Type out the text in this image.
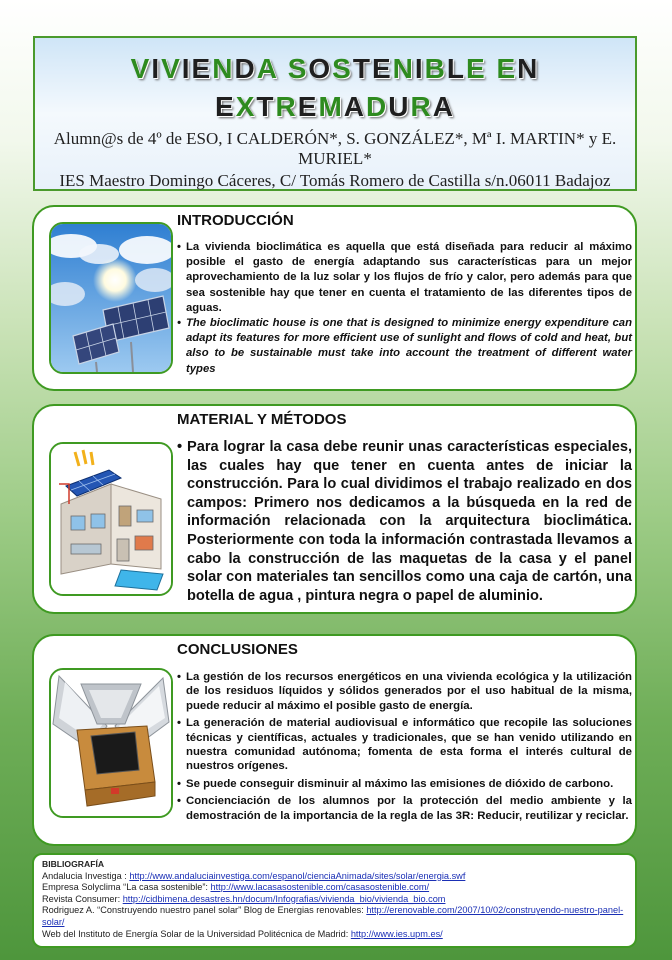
VIVIENDA SOSTENIBLE EN
EXTREMADURA
Alumn@s de 4º de ESO, I CALDERÓN*, S. GONZÁLEZ*, Mª I. MARTIN* y E. MURIEL*
IES Maestro Domingo Cáceres, C/ Tomás Romero de Castilla s/n.06011 Badajoz
INTRODUCCIÓN

• La vivienda bioclimática es aquella que está diseñada para reducir al máximo posible el gasto de energía adaptando sus características para un mejor aprovechamiento de la luz solar y los flujos de frío y calor, pero además para que sea sostenible hay que tener en cuenta el tratamiento de las diferentes tipos de aguas.

• The bioclimatic house is one that is designed to minimize energy expenditure can adapt its features for more efficient use of sunlight and flows of cold and heat, but also to be sustainable must take into account the treatment of different water types

MATERIAL Y MÉTODOS

• Para lograr la casa debe reunir unas características especiales, las cuales hay que tener en cuenta antes de iniciar la construcción. Para lo cual dividimos el trabajo realizado en dos campos: Primero nos dedicamos a la búsqueda en la red de información relacionada con la arquitectura bioclimática. Posteriormente con toda la información contrastada llevamos a cabo la construcción de las maquetas de la casa y el panel solar con materiales tan sencillos como una caja de cartón, una botella de agua , pintura negra o papel de aluminio.

CONCLUSIONES

• La gestión de los recursos energéticos en una vivienda ecológica y la utilización de los residuos líquidos y sólidos generados por el uso habitual de la misma, puede reducir al máximo el posible gasto de energía.

• La generación de material audiovisual e informático que recopile las soluciones técnicas y científicas, actuales y tradicionales, que se han venido utilizando en nuestra comunidad autónoma; fomenta de esta forma el interés cultural de nuestros orígenes.

• Se puede conseguir disminuir al máximo las emisiones de dióxido de carbono.

• Concienciación de los alumnos por la protección del medio ambiente y la demostración de la importancia de la regla de las 3R: Reducir, reutilizar y reciclar.

BIBLIOGRAFÍA
Andalucia Investiga : http://www.andaluciainvestiga.com/espanol/cienciaAnimada/sites/solar/energia.swf
Empresa Solyclima “La casa sostenible”: http://www.lacasasostenible.com/casasostenible.com/
Revista Consumer: http://cidbimena.desastres.hn/docum/Infografias/vivienda_bio/vivienda_bio.com
Rodriguez A. “Construyendo nuestro panel solar” Blog de Energias renovables: http://erenovable.com/2007/10/02/construyendo-nuestro-panel-solar/
Web del Instituto de Energía Solar de la Universidad Politécnica de Madrid: http://www.ies.upm.es/
